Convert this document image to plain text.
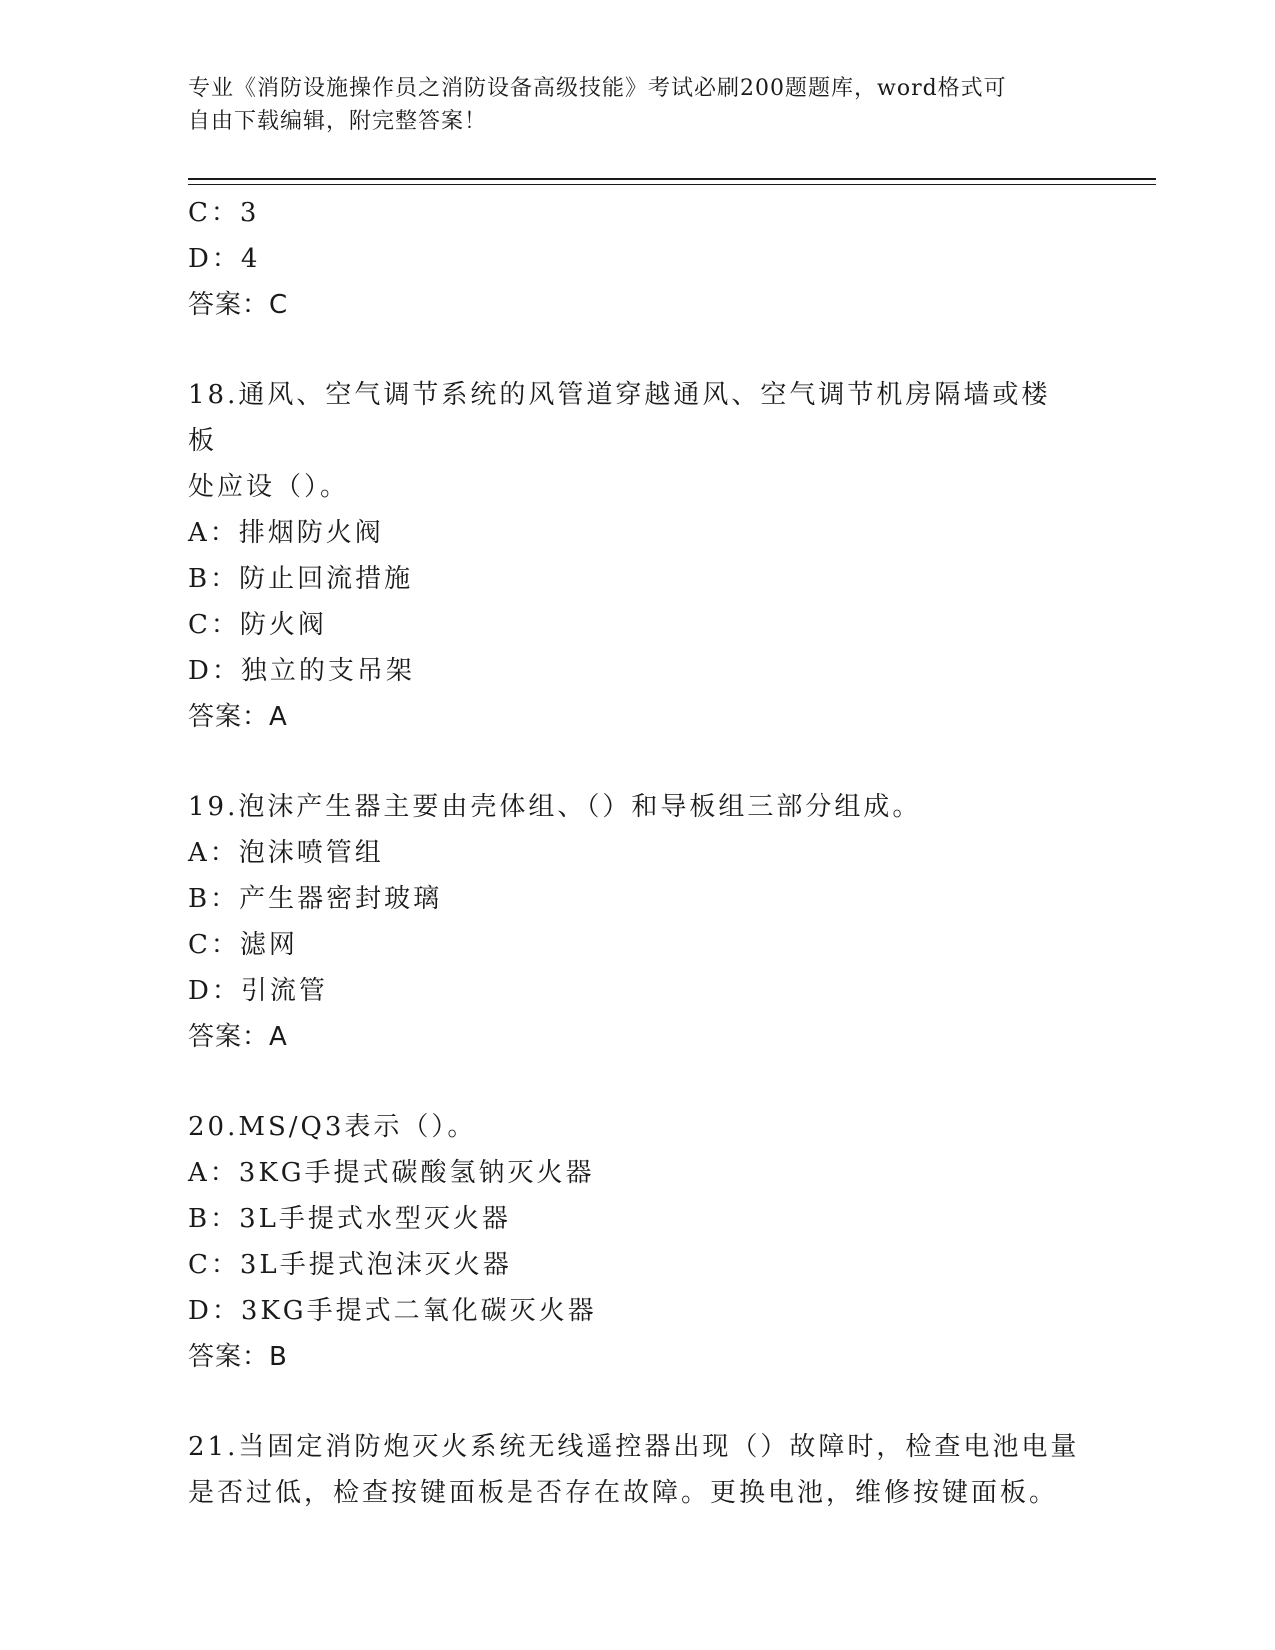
专业《消防设施操作员之消防设备高级技能》考试必刷200题题库，word格式可
自由下载编辑，附完整答案！
C：3
D：4
答案：C
18.通风、空气调节系统的风管道穿越通风、空气调节机房隔墙或楼板
处应设（）。
A：排烟防火阀
B：防止回流措施
C：防火阀
D：独立的支吊架
答案：A
19.泡沫产生器主要由壳体组、（）和导板组三部分组成。
A：泡沫喷管组
B：产生器密封玻璃
C：滤网
D：引流管
答案：A
20.MS/Q3表示（）。
A：3KG手提式碳酸氢钠灭火器
B：3L手提式水型灭火器
C：3L手提式泡沫灭火器
D：3KG手提式二氧化碳灭火器
答案：B
21.当固定消防炮灭火系统无线遥控器出现（）故障时，检查电池电量
是否过低，检查按键面板是否存在故障。更换电池，维修按键面板。
